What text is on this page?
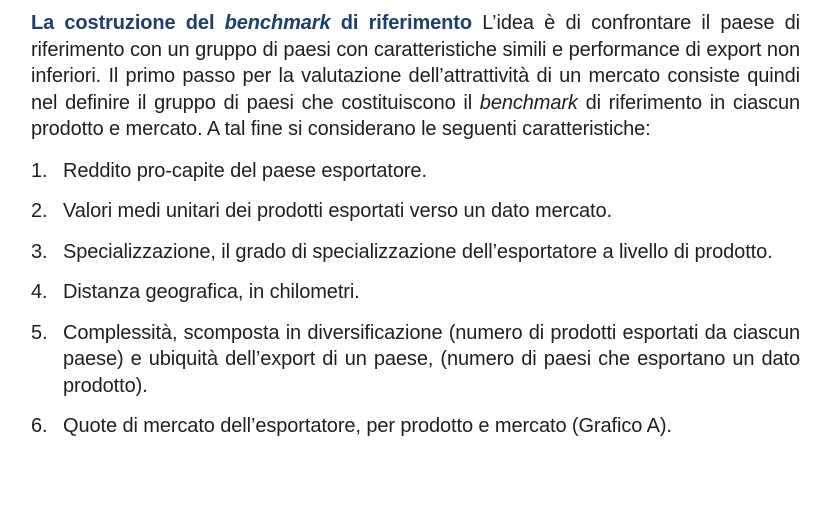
La costruzione del benchmark di riferimento L’idea è di confrontare il paese di riferimento con un gruppo di paesi con caratteristiche simili e performance di export non inferiori. Il primo passo per la valutazione dell’attrattività di un mercato consiste quindi nel definire il gruppo di paesi che costituiscono il benchmark di riferimento in ciascun prodotto e mercato. A tal fine si considerano le seguenti caratteristiche:

1. Reddito pro-capite del paese esportatore.
2. Valori medi unitari dei prodotti esportati verso un dato mercato.
3. Specializzazione, il grado di specializzazione dell’esportatore a livello di prodotto.
4. Distanza geografica, in chilometri.
5. Complessità, scomposta in diversificazione (numero di prodotti esportati da ciascun paese) e ubiquità dell’export di un paese, (numero di paesi che esportano un dato prodotto).
6. Quote di mercato dell’esportatore, per prodotto e mercato (Grafico A).
